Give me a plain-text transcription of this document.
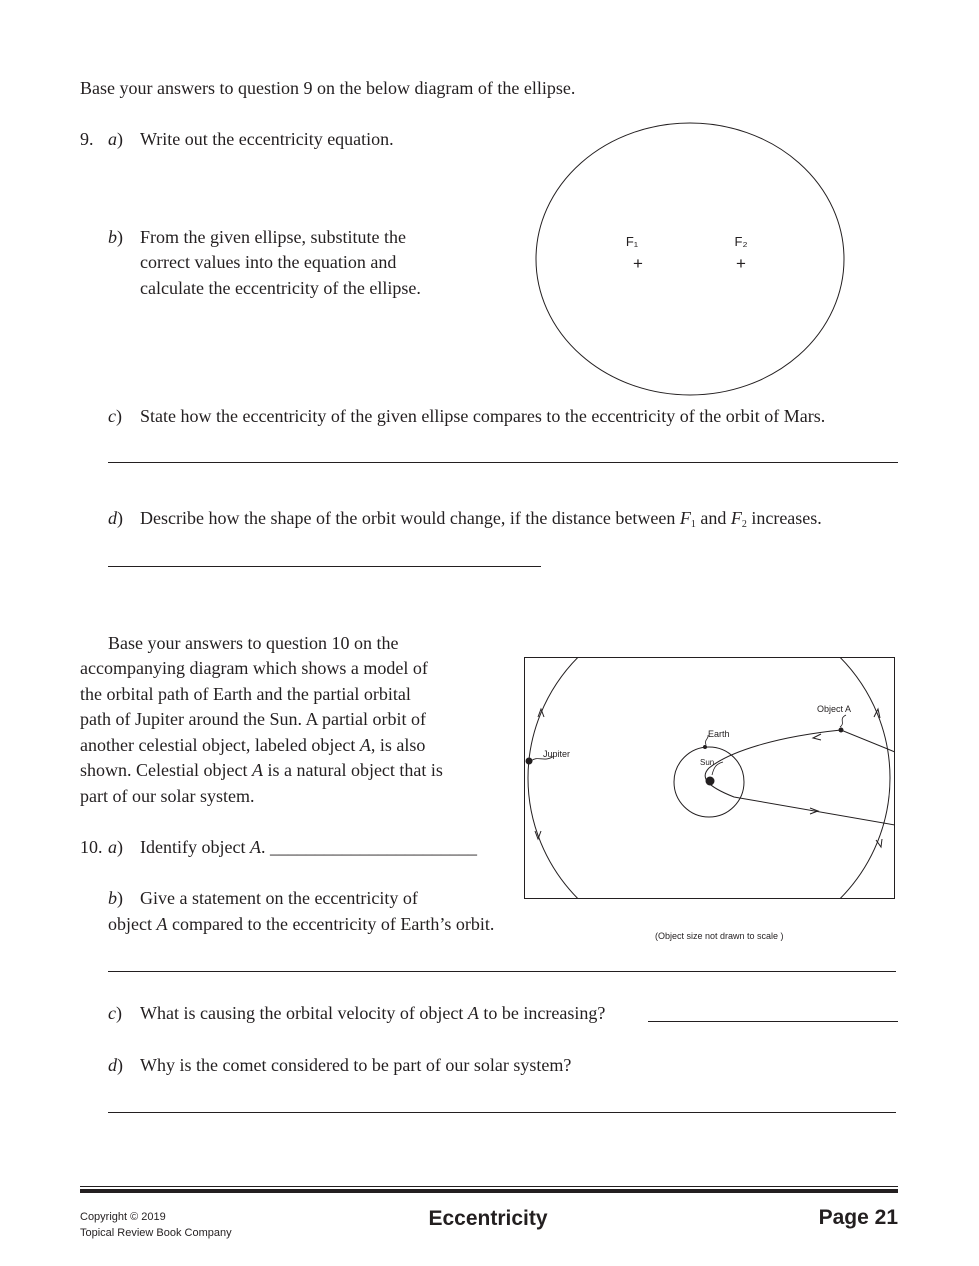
Base your answers to question 9 on the below diagram of the ellipse.
9. a) Write out the eccentricity equation.
b) From the given ellipse, substitute the
correct values into the equation and
calculate the eccentricity of the ellipse.
F₁
+
F₂
+
c) State how the eccentricity of the given ellipse compares to the eccentricity of the orbit of Mars.
d) Describe how the shape of the orbit would change, if the distance between $F_1$ and $F_2$ increases.
Base your answers to question 10 on the
accompanying diagram which shows a model of
the orbital path of Earth and the partial orbital
path of Jupiter around the Sun. A partial orbit of
another celestial object, labeled object A, is also
shown. Celestial object A is a natural object that is
part of our solar system.
10. a) Identify object A. _______________________
b) Give a statement on the eccentricity of
object A compared to the eccentricity of Earth’s orbit.
Object A
Earth
Jupiter
Sun
(Object size not drawn to scale )
c) What is causing the orbital velocity of object A to be increasing?
d) Why is the comet considered to be part of our solar system?
Copyright © 2019
Topical Review Book Company
Eccentricity	Page 21
